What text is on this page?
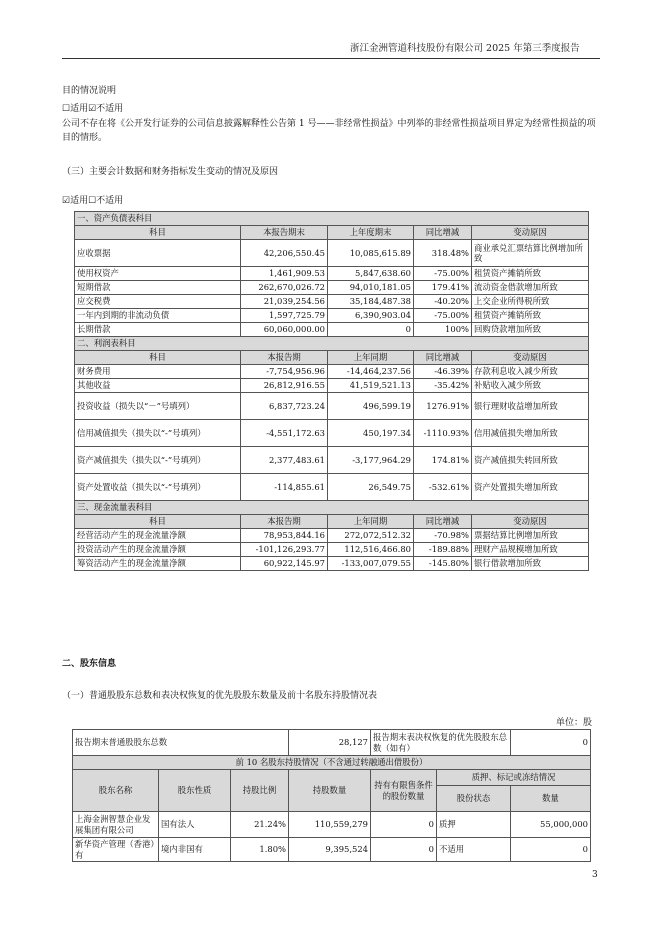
浙江金洲管道科技股份有限公司 2025 年第三季度报告
目的情况说明
☐适用☑不适用
公司不存在将《公开发行证券的公司信息披露解释性公告第 1 号——非经常性损益》中列举的非经常性损益项目界定为经常性损益的项目的情形。
（三）主要会计数据和财务指标发生变动的情况及原因
☑适用☐不适用
一、资产负债表科目				
科目	本报告期末	上年度期末	同比增减	变动原因
应收票据	42,206,550.45	10,085,615.89	318.48%	商业承兑汇票结算比例增加所致
使用权资产	1,461,909.53	5,847,638.60	-75.00%	租赁资产摊销所致
短期借款	262,670,026.72	94,010,181.05	179.41%	流动资金借款增加所致
应交税费	21,039,254.56	35,184,487.38	-40.20%	上交企业所得税所致
一年内到期的非流动负债	1,597,725.79	6,390,903.04	-75.00%	租赁资产摊销所致
长期借款	60,060,000.00	0	100%	回购贷款增加所致
二、利润表科目				
科目	本报告期	上年同期	同比增减	变动原因
财务费用	-7,754,956.96	-14,464,237.56	-46.39%	存款利息收入减少所致
其他收益	26,812,916.55	41,519,521.13	-35.42%	补贴收入减少所致
投资收益（损失以“－”号填列）	6,837,723.24	496,599.19	1276.91%	银行理财收益增加所致
信用减值损失（损失以“-”号填列）	-4,551,172.63	450,197.34	-1110.93%	信用减值损失增加所致
资产减值损失（损失以“-”号填列）	2,377,483.61	-3,177,964.29	174.81%	资产减值损失转回所致
资产处置收益（损失以“-”号填列）	-114,855.61	26,549.75	-532.61%	资产处置损失增加所致
三、现金流量表科目				
科目	本报告期	上年同期	同比增减	变动原因
经营活动产生的现金流量净额	78,953,844.16	272,072,512.32	-70.98%	票据结算比例增加所致
投资活动产生的现金流量净额	-101,126,293.77	112,516,466.80	-189.88%	理财产品规模增加所致
筹资活动产生的现金流量净额	60,922,145.97	-133,007,079.55	-145.80%	银行借款增加所致
二、股东信息
（一）普通股股东总数和表决权恢复的优先股股东数量及前十名股东持股情况表
单位：股
报告期末普通股股东总数			28,127	报告期末表决权恢复的优先股股东总数（如有）		0
前 10 名股东持股情况（不含通过转融通出借股份）						
股东名称	股东性质	持股比例	持股数量	持有有限售条件的股份数量	质押、标记或冻结情况	
					股份状态	数量
上海金洲智慧企业发展集团有限公司	国有法人	21.24%	110,559,279	0	质押	55,000,000
新华资产管理（香港）有	境内非国有	1.80%	9,395,524	0	不适用	0
3
